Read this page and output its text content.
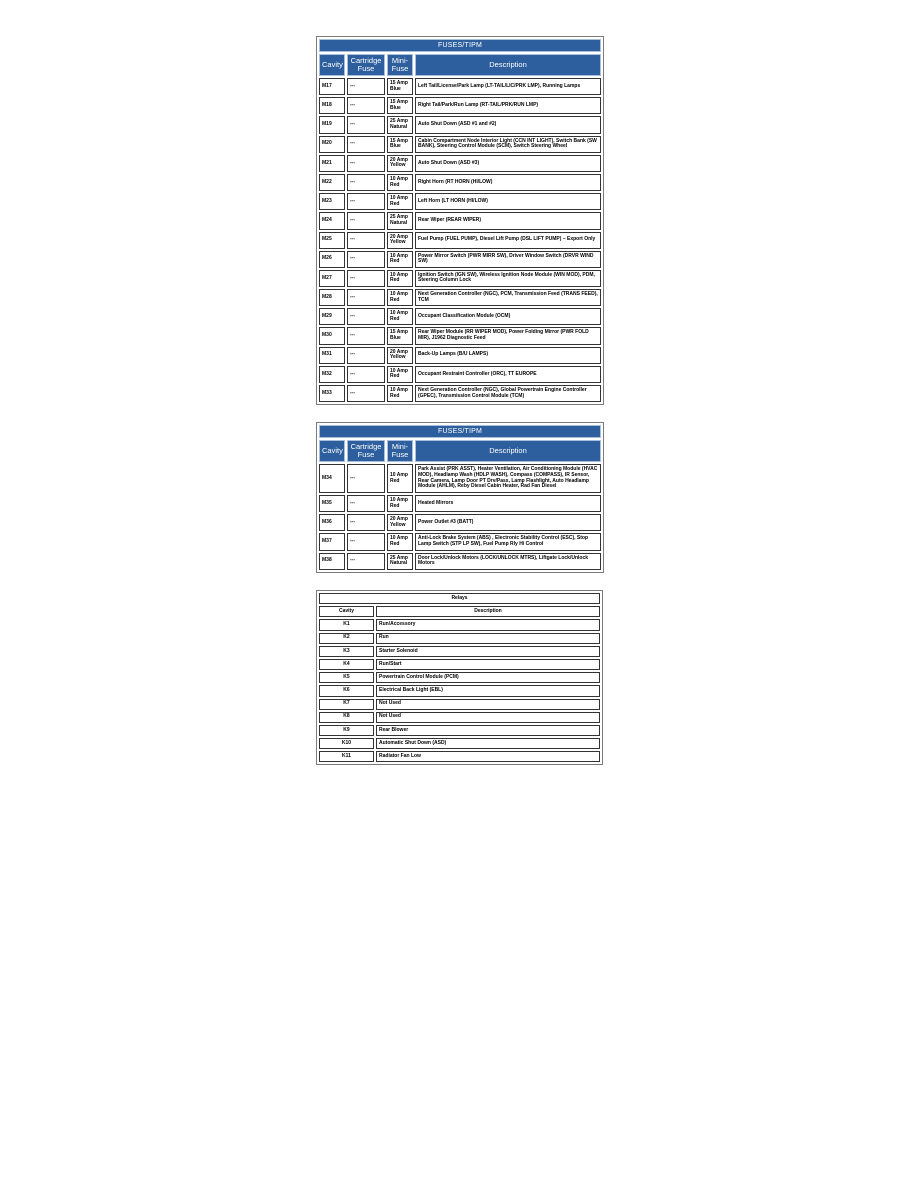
FUSES/TIPM			
Cavity	Cartridge Fuse	Mini-Fuse	Description
M17	---	15 Amp Blue	Left Tail/License/Park Lamp (LT-TAIL/LIC/PRK LMP), Running Lamps
M18	---	15 Amp Blue	Right Tail/Park/Run Lamp (RT-TAIL/PRK/RUN LMP)
M19	---	25 Amp Natural	Auto Shut Down (ASD #1 and #2)
M20	---	15 Amp Blue	Cabin Compartment Node Interior Light (CCN INT LIGHT), Switch Bank (SW BANK), Steering Control Module (SCM), Switch Steering Wheel
M21	---	20 Amp Yellow	Auto Shut Down (ASD #3)
M22	---	10 Amp Red	Right Horn (RT HORN (HI/LOW)
M23	---	10 Amp Red	Left Horn (LT HORN (HI/LOW)
M24	---	25 Amp Natural	Rear Wiper (REAR WIPER)
M25	---	20 Amp Yellow	Fuel Pump (FUEL PUMP), Diesel Lift Pump (DSL LIFT PUMP) – Export Only
M26	---	10 Amp Red	Power Mirror Switch (PWR MIRR SW), Driver Window Switch (DRVR WIND SW)
M27	---	10 Amp Red	Ignition Switch (IGN SW), Wireless Ignition Node Module (WIN MOD), PDM, Steering Column Lock
M28	---	10 Amp Red	Next Generation Controller (NGC), PCM, Transmission Feed (TRANS FEED), TCM
M29	---	10 Amp Red	Occupant Classification Module (OCM)
M30	---	15 Amp Blue	Rear Wiper Module (RR WIPER MOD), Power Folding Mirror (PWR FOLD MIR), J1962 Diagnostic Feed
M31	---	20 Amp Yellow	Back-Up Lamps (B/U LAMPS)
M32	---	10 Amp Red	Occupant Restraint Controller (ORC), TT EUROPE
M33	---	10 Amp Red	Next Generation Controller (NGC), Global Powertrain Engine Controller (GPEC), Transmission Control Module (TCM)
FUSES/TIPM			
Cavity	Cartridge Fuse	Mini-Fuse	Description
M34	---	10 Amp Red	Park Assist (PRK ASST), Heater Ventilation, Air Conditioning Module (HVAC MOD), Headlamp Wash (HDLP WASH), Compass (COMPASS), IR Sensor, Rear Camera, Lamp Door PT Drv/Pass, Lamp Flashlight, Auto Headlamp Module (AHLM), Reby Diesel Cabin Heater, Rad Fan Diesel
M35	---	10 Amp Red	Heated Mirrors
M36	---	20 Amp Yellow	Power Outlet #3 (BATT)
M37	---	10 Amp Red	Anti-Lock Brake System (ABS) , Electronic Stability Control (ESC), Stop Lamp Switch (STP LP SW), Fuel Pump Rly Hi Control
M38	---	25 Amp Natural	Door Lock/Unlock Motors (LOCK/UNLOCK MTRS), Liftgate Lock/Unlock Motors
Relays	
Cavity	Description
K1	Run/Accessory
K2	Run
K3	Starter Solenoid
K4	Run/Start
K5	Powertrain Control Module (PCM)
K6	Electrical Back Light (EBL)
K7	Not Used
K8	Not Used
K9	Rear Blower
K10	Automatic Shut Down (ASD)
K11	Radiator Fan Low
